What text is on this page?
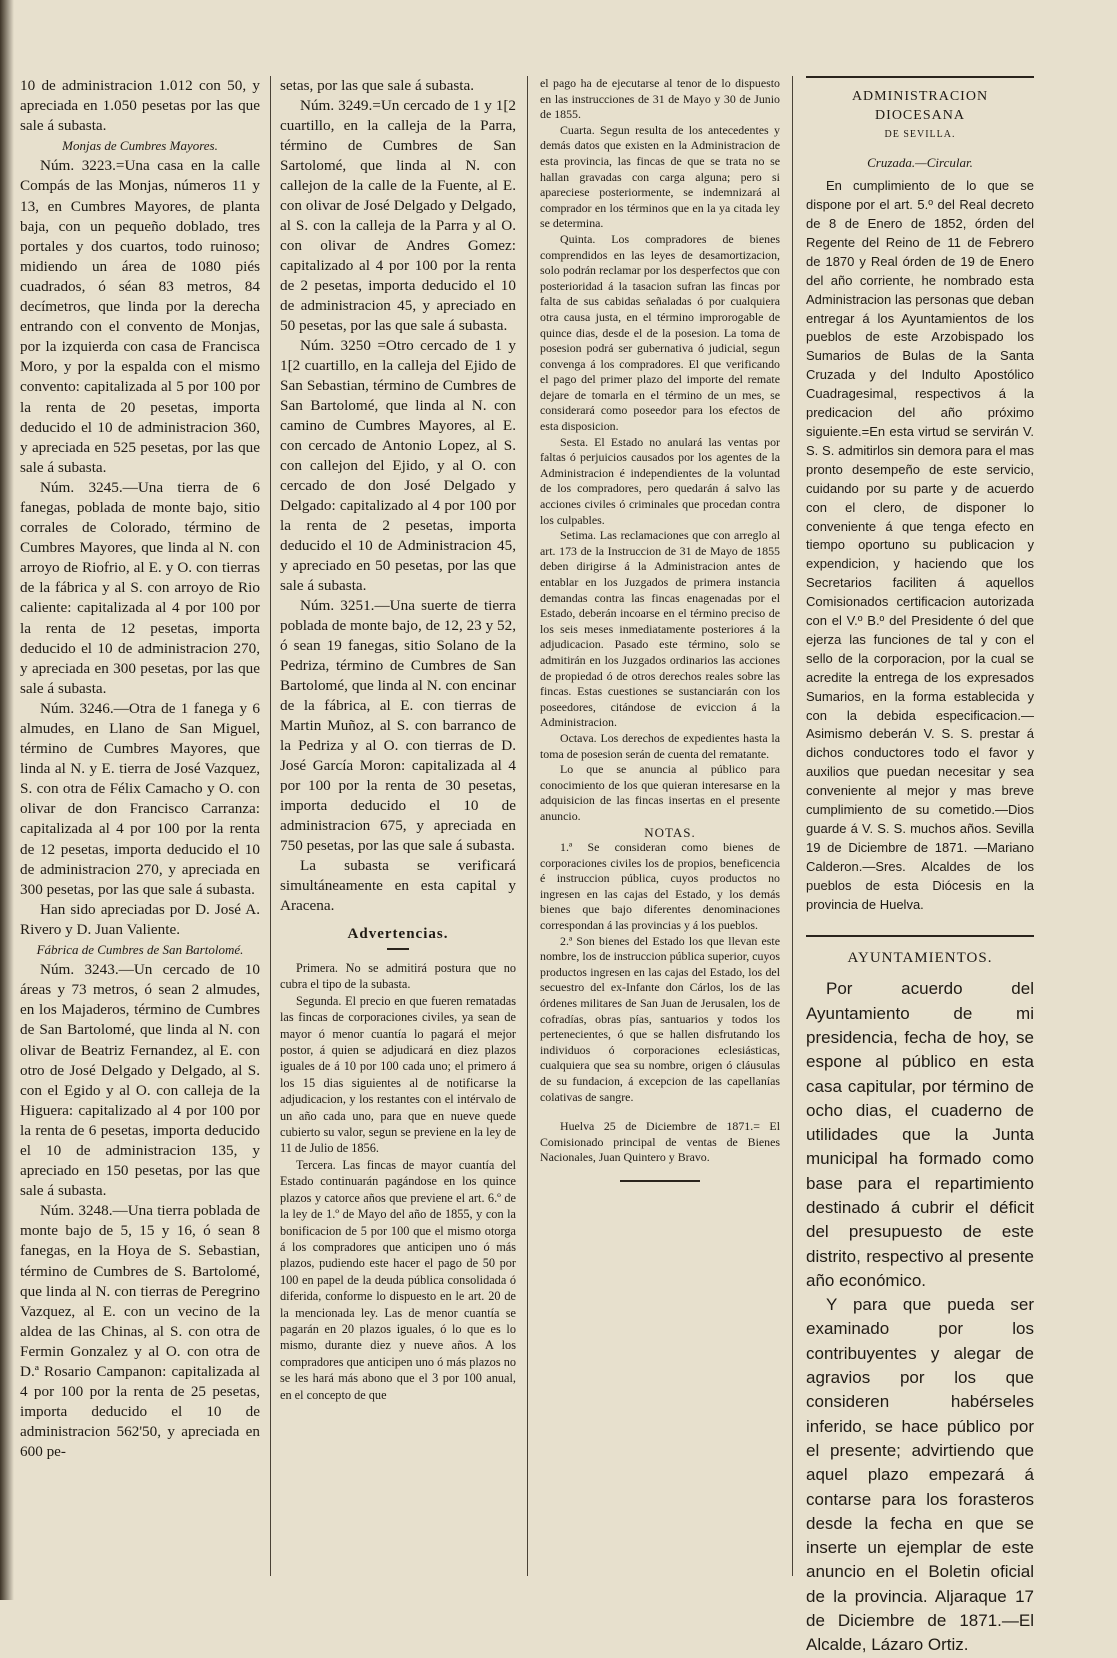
10 de administracion 1.012 con 50, y apreciada en 1.050 pesetas por las que sale á subasta.

Monjas de Cumbres Mayores.

Núm. 3223.=Una casa en la calle Compás de las Monjas, números 11 y 13, en Cumbres Mayores, de planta baja, con un pequeño doblado, tres portales y dos cuartos, todo ruinoso; midiendo un área de 1080 piés cuadrados, ó séan 83 metros, 84 decímetros, que linda por la derecha entrando con el convento de Monjas, por la izquierda con casa de Francisca Moro, y por la espalda con el mismo convento: capitalizada al 5 por 100 por la renta de 20 pesetas, importa deducido el 10 de administracion 360, y apreciada en 525 pesetas, por las que sale á subasta.

Núm. 3245.—Una tierra de 6 fanegas, poblada de monte bajo, sitio corrales de Colorado, término de Cumbres Mayores, que linda al N. con arroyo de Riofrio, al E. y O. con tierras de la fábrica y al S. con arroyo de Rio caliente: capitalizada al 4 por 100 por la renta de 12 pesetas, importa deducido el 10 de administracion 270, y apreciada en 300 pesetas, por las que sale á subasta.

Núm. 3246.—Otra de 1 fanega y 6 almudes, en Llano de San Miguel, término de Cumbres Mayores, que linda al N. y E. tierra de José Vazquez, S. con otra de Félix Camacho y O. con olivar de don Francisco Carranza: capitalizada al 4 por 100 por la renta de 12 pesetas, importa deducido el 10 de administracion 270, y apreciada en 300 pesetas, por las que sale á subasta.

Han sido apreciadas por D. José A. Rivero y D. Juan Valiente.

Fábrica de Cumbres de San Bartolomé.

Núm. 3243.—Un cercado de 10 áreas y 73 metros, ó sean 2 almudes, en los Majaderos, término de Cumbres de San Bartolomé, que linda al N. con olivar de Beatriz Fernandez, al E. con otro de José Delgado y Delgado, al S. con el Egido y al O. con calleja de la Higuera: capitalizado al 4 por 100 por la renta de 6 pesetas, importa deducido el 10 de administracion 135, y apreciado en 150 pesetas, por las que sale á subasta.

Núm. 3248.—Una tierra poblada de monte bajo de 5, 15 y 16, ó sean 8 fanegas, en la Hoya de S. Sebastian, término de Cumbres de S. Bartolomé, que linda al N. con tierras de Peregrino Vazquez, al E. con un vecino de la aldea de las Chinas, al S. con otra de Fermin Gonzalez y al O. con otra de D.ª Rosario Campanon: capitalizada al 4 por 100 por la renta de 25 pesetas, importa deducido el 10 de administracion 562'50, y apreciada en 600 pe-

setas, por las que sale á subasta.

Núm. 3249.=Un cercado de 1 y 1[2 cuartillo, en la calleja de la Parra, término de Cumbres de San Sartolomé, que linda al N. con callejon de la calle de la Fuente, al E. con olivar de José Delgado y Delgado, al S. con la calleja de la Parra y al O. con olivar de Andres Gomez: capitalizado al 4 por 100 por la renta de 2 pesetas, importa deducido el 10 de administracion 45, y apreciado en 50 pesetas, por las que sale á subasta.

Núm. 3250 =Otro cercado de 1 y 1[2 cuartillo, en la calleja del Ejido de San Sebastian, término de Cumbres de San Bartolomé, que linda al N. con camino de Cumbres Mayores, al E. con cercado de Antonio Lopez, al S. con callejon del Ejido, y al O. con cercado de don José Delgado y Delgado: capitalizado al 4 por 100 por la renta de 2 pesetas, importa deducido el 10 de Administracion 45, y apreciado en 50 pesetas, por las que sale á subasta.

Núm. 3251.—Una suerte de tierra poblada de monte bajo, de 12, 23 y 52, ó sean 19 fanegas, sitio Solano de la Pedriza, término de Cumbres de San Bartolomé, que linda al N. con encinar de la fábrica, al E. con tierras de Martin Muñoz, al S. con barranco de la Pedriza y al O. con tierras de D. José García Moron: capitalizada al 4 por 100 por la renta de 30 pesetas, importa deducido el 10 de administracion 675, y apreciada en 750 pesetas, por las que sale á subasta.

La subasta se verificará simultáneamente en esta capital y Aracena.

Advertencias.

Primera. No se admitirá postura que no cubra el tipo de la subasta.

Segunda. El precio en que fueren rematadas las fincas de corporaciones civiles, ya sean de mayor ó menor cuantía lo pagará el mejor postor, á quien se adjudicará en diez plazos iguales de á 10 por 100 cada uno; el primero á los 15 dias siguientes al de notificarse la adjudicacion, y los restantes con el intérvalo de un año cada uno, para que en nueve quede cubierto su valor, segun se previene en la ley de 11 de Julio de 1856.

Tercera. Las fincas de mayor cuantía del Estado continuarán pagándose en los quince plazos y catorce años que previene el art. 6.º de la ley de 1.º de Mayo del año de 1855, y con la bonificacion de 5 por 100 que el mismo otorga á los compradores que anticipen uno ó más plazos, pudiendo este hacer el pago de 50 por 100 en papel de la deuda pública consolidada ó diferida, conforme lo dispuesto en le art. 20 de la mencionada ley. Las de menor cuantía se pagarán en 20 plazos iguales, ó lo que es lo mismo, durante diez y nueve años. A los compradores que anticipen uno ó más plazos no se les hará más abono que el 3 por 100 anual, en el concepto de que

el pago ha de ejecutarse al tenor de lo dispuesto en las instrucciones de 31 de Mayo y 30 de Junio de 1855.

Cuarta. Segun resulta de los antecedentes y demás datos que existen en la Administracion de esta provincia, las fincas de que se trata no se hallan gravadas con carga alguna; pero si apareciese posteriormente, se indemnizará al comprador en los términos que en la ya citada ley se determina.

Quinta. Los compradores de bienes comprendidos en las leyes de desamortizacion, solo podrán reclamar por los desperfectos que con posterioridad á la tasacion sufran las fincas por falta de sus cabidas señaladas ó por cualquiera otra causa justa, en el término improrogable de quince dias, desde el de la posesion. La toma de posesion podrá ser gubernativa ó judicial, segun convenga á los compradores. El que verificando el pago del primer plazo del importe del remate dejare de tomarla en el término de un mes, se considerará como poseedor para los efectos de esta disposicion.

Sesta. El Estado no anulará las ventas por faltas ó perjuicios causados por los agentes de la Administracion é independientes de la voluntad de los compradores, pero quedarán á salvo las acciones civiles ó criminales que procedan contra los culpables.

Setima. Las reclamaciones que con arreglo al art. 173 de la Instruccion de 31 de Mayo de 1855 deben dirigirse á la Administracion antes de entablar en los Juzgados de primera instancia demandas contra las fincas enagenadas por el Estado, deberán incoarse en el término preciso de los seis meses inmediatamente posteriores á la adjudicacion. Pasado este término, solo se admitirán en los Juzgados ordinarios las acciones de propiedad ó de otros derechos reales sobre las fincas. Estas cuestiones se sustanciarán con los poseedores, citándose de eviccion á la Administracion.

Octava. Los derechos de expedientes hasta la toma de posesion serán de cuenta del rematante.

Lo que se anuncia al público para conocimiento de los que quieran interesarse en la adquisicion de las fincas insertas en el presente anuncio.

NOTAS.

1.ª Se consideran como bienes de corporaciones civiles los de propios, beneficencia é instruccion pública, cuyos productos no ingresen en las cajas del Estado, y los demás bienes que bajo diferentes denominaciones correspondan á las provincias y á los pueblos.

2.ª Son bienes del Estado los que llevan este nombre, los de instruccion pública superior, cuyos productos ingresen en las cajas del Estado, los del secuestro del ex-Infante don Cárlos, los de las órdenes militares de San Juan de Jerusalen, los de cofradías, obras pías, santuarios y todos los pertenecientes, ó que se hallen disfrutando los individuos ó corporaciones eclesiásticas, cualquiera que sea su nombre, origen ó cláusulas de su fundacion, á excepcion de las capellanías colativas de sangre.

Huelva 25 de Diciembre de 1871.= El Comisionado principal de ventas de Bienes Nacionales, Juan Quintero y Bravo.

ADMINISTRACION DIOCESANA

DE SEVILLA.

Cruzada.—Circular.

En cumplimiento de lo que se dispone por el art. 5.º del Real decreto de 8 de Enero de 1852, órden del Regente del Reino de 11 de Febrero de 1870 y Real órden de 19 de Enero del año corriente, he nombrado esta Administracion las personas que deban entregar á los Ayuntamientos de los pueblos de este Arzobispado los Sumarios de Bulas de la Santa Cruzada y del Indulto Apostólico Cuadragesimal, respectivos á la predicacion del año próximo siguiente.=En esta virtud se servirán V. S. S. admitirlos sin demora para el mas pronto desempeño de este servicio, cuidando por su parte y de acuerdo con el clero, de disponer lo conveniente á que tenga efecto en tiempo oportuno su publicacion y expendicion, y haciendo que los Secretarios faciliten á aquellos Comisionados certificacion autorizada con el V.º B.º del Presidente ó del que ejerza las funciones de tal y con el sello de la corporacion, por la cual se acredite la entrega de los expresados Sumarios, en la forma establecida y con la debida especificacion.—Asimismo deberán V. S. S. prestar á dichos conductores todo el favor y auxilios que puedan necesitar y sea conveniente al mejor y mas breve cumplimiento de su cometido.—Dios guarde á V. S. S. muchos años. Sevilla 19 de Diciembre de 1871. —Mariano Calderon.—Sres. Alcaldes de los pueblos de esta Diócesis en la provincia de Huelva.

AYUNTAMIENTOS.

Por acuerdo del Ayuntamiento de mi presidencia, fecha de hoy, se espone al público en esta casa capitular, por término de ocho dias, el cuaderno de utilidades que la Junta municipal ha formado como base para el repartimiento destinado á cubrir el déficit del presupuesto de este distrito, respectivo al presente año económico.

Y para que pueda ser examinado por los contribuyentes y alegar de agravios por los que consideren habérseles inferido, se hace público por el presente; advirtiendo que aquel plazo empezará á contarse para los forasteros desde la fecha en que se inserte un ejemplar de este anuncio en el Boletin oficial de la provincia. Aljaraque 17 de Diciembre de 1871.—El Alcalde, Lázaro Ortiz.
